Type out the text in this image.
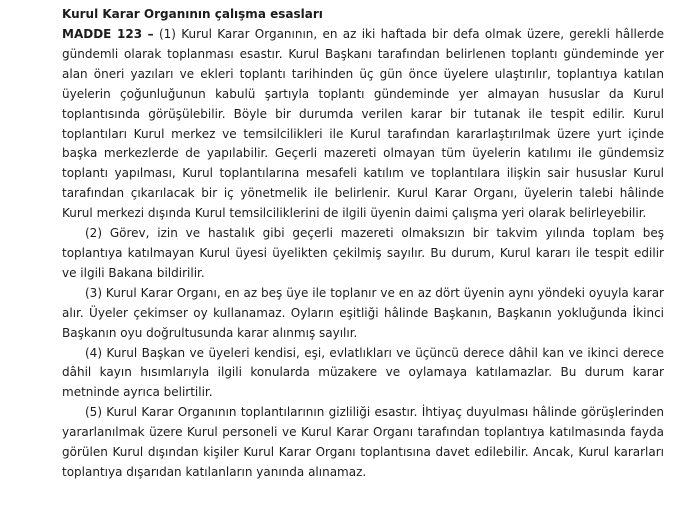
Kurul Karar Organının çalışma esasları

MADDE 123 – (1) Kurul Karar Organının, en az iki haftada bir defa olmak üzere, gerekli hâllerde gündemli olarak toplanması esastır. Kurul Başkanı tarafından belirlenen toplantı gündeminde yer alan öneri yazıları ve ekleri toplantı tarihinden üç gün önce üyelere ulaştırılır, toplantıya katılan üyelerin çoğunluğunun kabulü şartıyla toplantı gündeminde yer almayan hususlar da Kurul toplantısında görüşülebilir. Böyle bir durumda verilen karar bir tutanak ile tespit edilir. Kurul toplantıları Kurul merkez ve temsilcilikleri ile Kurul tarafından kararlaştırılmak üzere yurt içinde başka merkezlerde de yapılabilir. Geçerli mazereti olmayan tüm üyelerin katılımı ile gündemsiz toplantı yapılması, Kurul toplantılarına mesafeli katılım ve toplantılara ilişkin sair hususlar Kurul tarafından çıkarılacak bir iç yönetmelik ile belirlenir. Kurul Karar Organı, üyelerin talebi hâlinde Kurul merkezi dışında Kurul temsilciliklerini de ilgili üyenin daimi çalışma yeri olarak belirleyebilir.

(2) Görev, izin ve hastalık gibi geçerli mazereti olmaksızın bir takvim yılında toplam beş toplantıya katılmayan Kurul üyesi üyelikten çekilmiş sayılır. Bu durum, Kurul kararı ile tespit edilir ve ilgili Bakana bildirilir.

(3) Kurul Karar Organı, en az beş üye ile toplanır ve en az dört üyenin aynı yöndeki oyuyla karar alır. Üyeler çekimser oy kullanamaz. Oyların eşitliği hâlinde Başkanın, Başkanın yokluğunda İkinci Başkanın oyu doğrultusunda karar alınmış sayılır.

(4) Kurul Başkan ve üyeleri kendisi, eşi, evlatlıkları ve üçüncü derece dâhil kan ve ikinci derece dâhil kayın hısımlarıyla ilgili konularda müzakere ve oylamaya katılamazlar. Bu durum karar metninde ayrıca belirtilir.

(5) Kurul Karar Organının toplantılarının gizliliği esastır. İhtiyaç duyulması hâlinde görüşlerinden yararlanılmak üzere Kurul personeli ve Kurul Karar Organı tarafından toplantıya katılmasında fayda görülen Kurul dışından kişiler Kurul Karar Organı toplantısına davet edilebilir. Ancak, Kurul kararları toplantıya dışarıdan katılanların yanında alınamaz.
